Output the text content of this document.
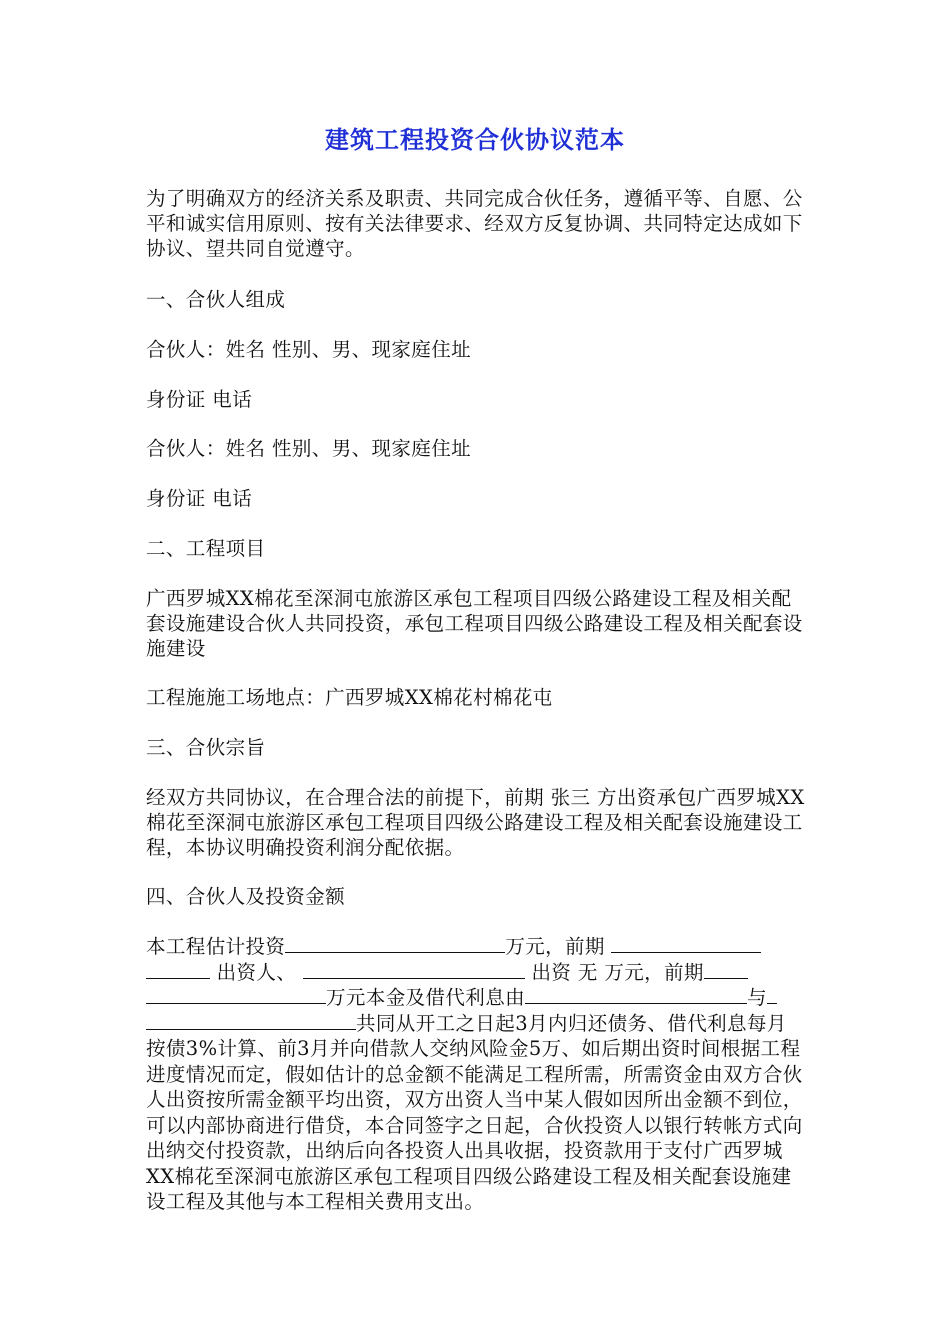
建筑工程投资合伙协议范本

为了明确双方的经济关系及职责、共同完成合伙任务，遵循平等、自愿、公平和诚实信用原则、按有关法律要求、经双方反复协调、共同特定达成如下协议、望共同自觉遵守。

一、合伙人组成

合伙人：姓名 性别、男、现家庭住址

身份证 电话

合伙人：姓名 性别、男、现家庭住址

身份证 电话

二、工程项目

广西罗城XX棉花至深洞屯旅游区承包工程项目四级公路建设工程及相关配套设施建设合伙人共同投资，承包工程项目四级公路建设工程及相关配套设施建设

工程施施工场地点：广西罗城XX棉花村棉花屯

三、合伙宗旨

经双方共同协议，在合理合法的前提下，前期 张三 方出资承包广西罗城XX棉花至深洞屯旅游区承包工程项目四级公路建设工程及相关配套设施建设工程，本协议明确投资利润分配依据。

四、合伙人及投资金额

本工程估计投资	万元，前期  出资人、	出资 无 万元，前期万元本金及借代利息由	与共同从开工之日起3月内归还债务、借代利息每月按债3%计算、前3月并向借款人交纳风险金5万、如后期出资时间根据工程进度情况而定，假如估计的总金额不能满足工程所需，所需资金由双方合伙人出资按所需金额平均出资，双方出资人当中某人假如因所出金额不到位，可以内部协商进行借贷，本合同签字之日起，合伙投资人以银行转帐方式向出纳交付投资款，出纳后向各投资人出具收据，投资款用于支付广西罗城XX棉花至深洞屯旅游区承包工程项目四级公路建设工程及相关配套设施建设工程及其他与本工程相关费用支出。
